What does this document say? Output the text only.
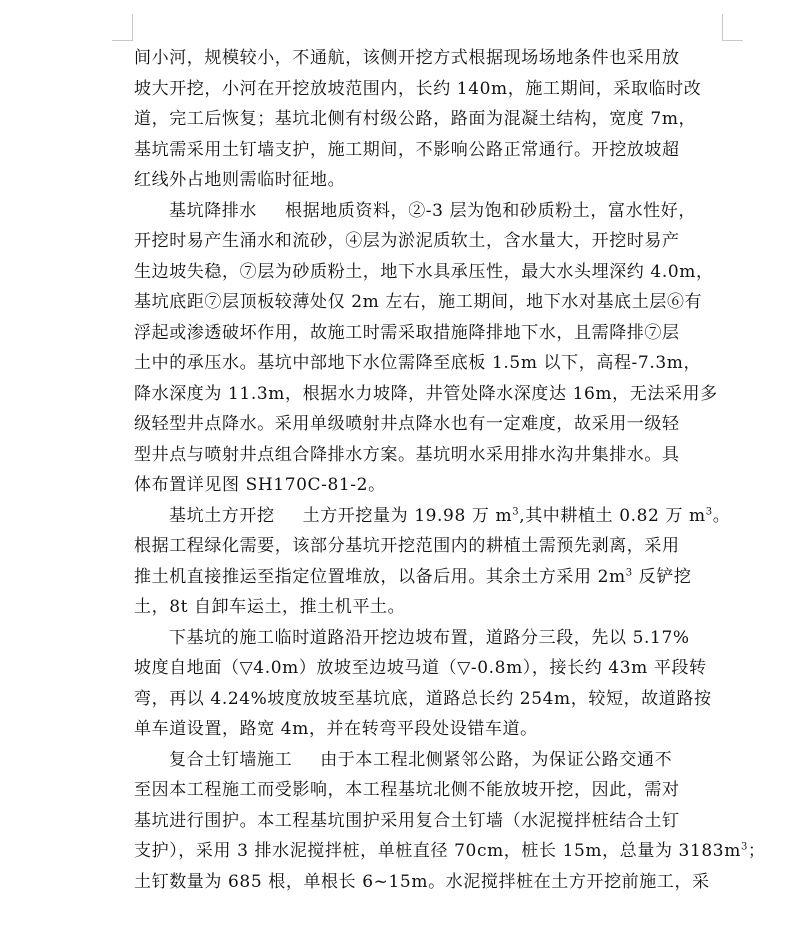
间小河，规模较小，不通航，该侧开挖方式根据现场场地条件也采用放
坡大开挖，小河在开挖放坡范围内，长约 140m，施工期间，采取临时改
道，完工后恢复；基坑北侧有村级公路，路面为混凝土结构，宽度 7m，
基坑需采用土钉墙支护，施工期间，不影响公路正常通行。开挖放坡超
红线外占地则需临时征地。
基坑降排水 根据地质资料，②-3 层为饱和砂质粉土，富水性好，
开挖时易产生涌水和流砂，④层为淤泥质软土，含水量大，开挖时易产
生边坡失稳，⑦层为砂质粉土，地下水具承压性，最大水头埋深约 4.0m，
基坑底距⑦层顶板较薄处仅 2m 左右，施工期间，地下水对基底土层⑥有
浮起或渗透破坏作用，故施工时需采取措施降排地下水，且需降排⑦层
土中的承压水。基坑中部地下水位需降至底板 1.5m 以下，高程-7.3m，
降水深度为 11.3m，根据水力坡降，井管处降水深度达 16m，无法采用多
级轻型井点降水。采用单级喷射井点降水也有一定难度，故采用一级轻
型井点与喷射井点组合降排水方案。基坑明水采用排水沟井集排水。具
体布置详见图 SH170C-81-2。
基坑土方开挖 土方开挖量为 19.98 万 $m^3$,其中耕植土 0.82 万 $m^3$。
根据工程绿化需要，该部分基坑开挖范围内的耕植土需预先剥离，采用
推土机直接推运至指定位置堆放，以备后用。其余土方采用 $2m^3$ 反铲挖
土，8t 自卸车运土，推土机平土。
下基坑的施工临时道路沿开挖边坡布置，道路分三段，先以 5.17%
坡度自地面（▽4.0m）放坡至边坡马道（▽-0.8m），接长约 43m 平段转
弯，再以 4.24%坡度放坡至基坑底，道路总长约 254m，较短，故道路按
单车道设置，路宽 4m，并在转弯平段处设错车道。
复合土钉墙施工 由于本工程北侧紧邻公路，为保证公路交通不
至因本工程施工而受影响，本工程基坑北侧不能放坡开挖，因此，需对
基坑进行围护。本工程基坑围护采用复合土钉墙（水泥搅拌桩结合土钉
支护），采用 3 排水泥搅拌桩，单桩直径 70cm，桩长 15m，总量为 $3183m^3$；
土钉数量为 685 根，单根长 6~15m。水泥搅拌桩在土方开挖前施工，采
